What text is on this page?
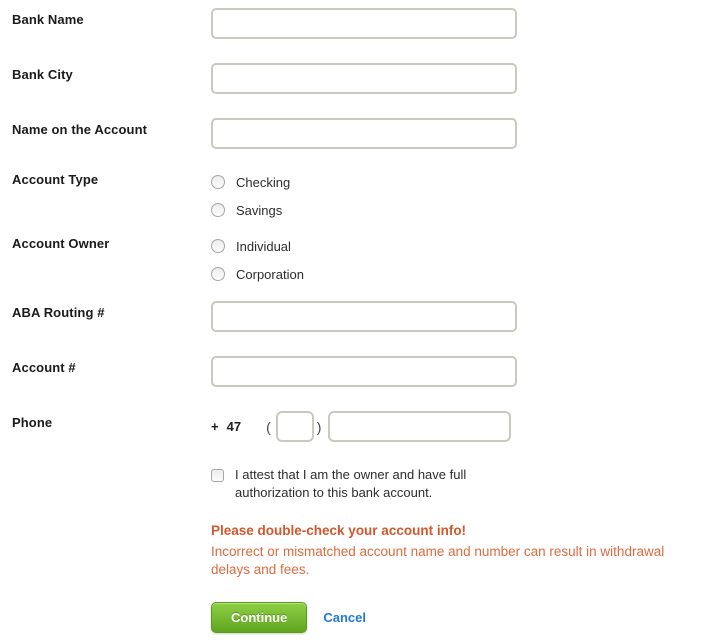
Bank Name
Bank City
Name on the Account
Account Type	Checking
Savings
Account Owner	Individual
Corporation
ABA Routing #
Account #
Phone	+ 47 (	)
I attest that I am the owner and have full authorization to this bank account.
Please double-check your account info!
Incorrect or mismatched account name and number can result in withdrawal delays and fees.
Continue	Cancel
